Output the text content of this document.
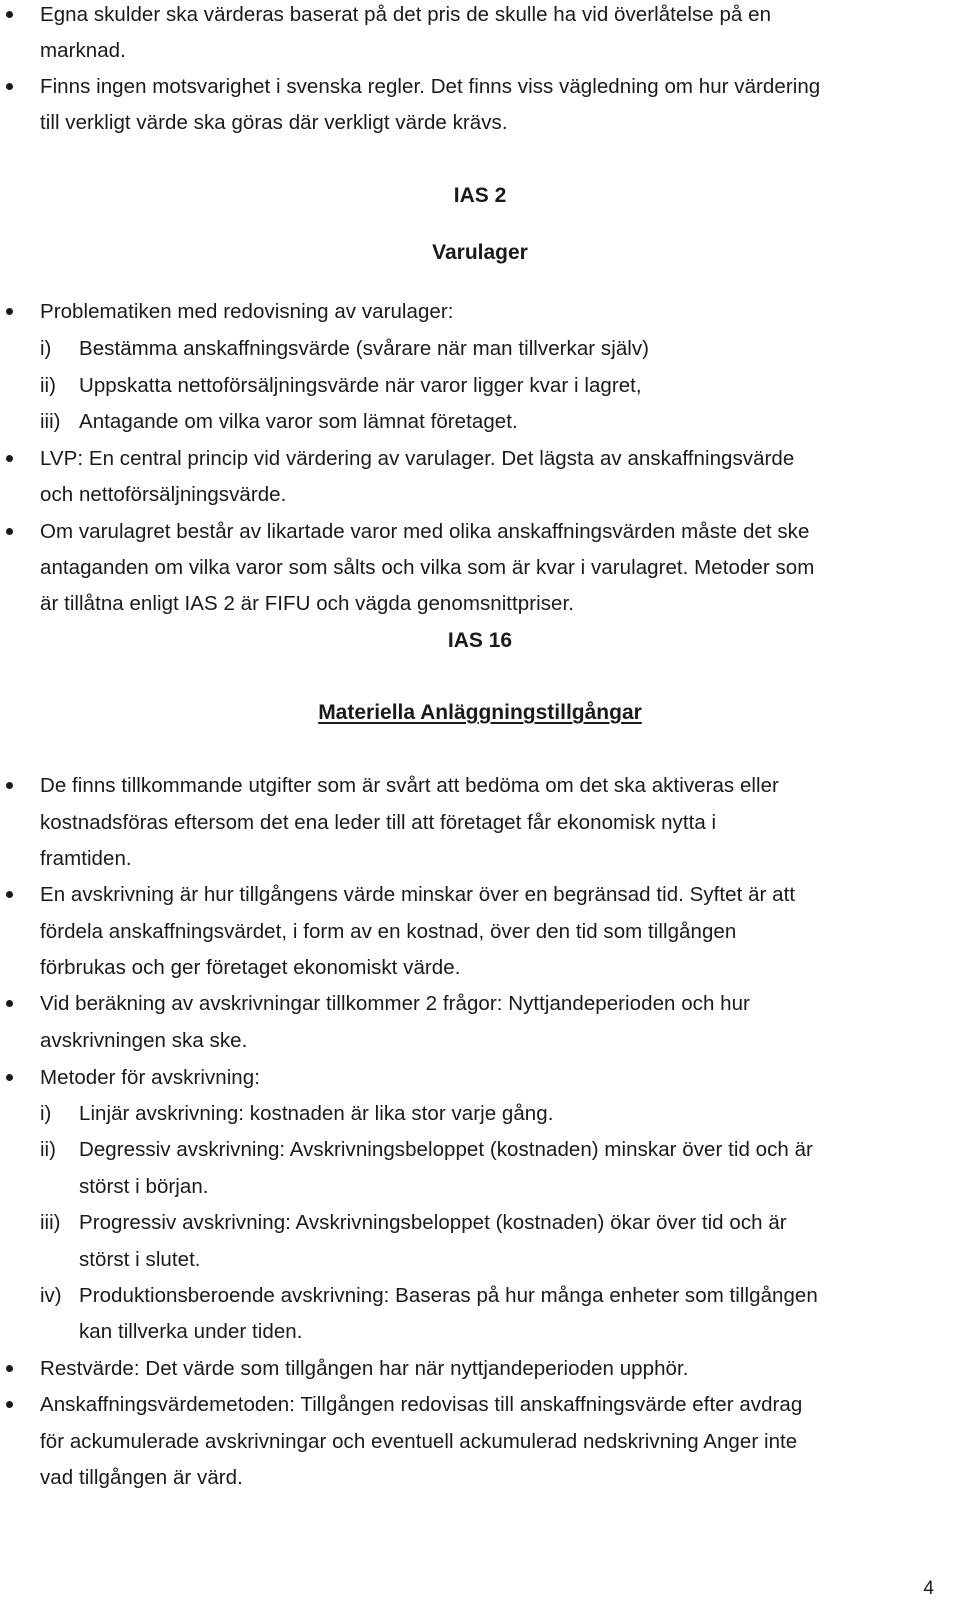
Egna skulder ska värderas baserat på det pris de skulle ha vid överlåtelse på en
marknad.
Finns ingen motsvarighet i svenska regler. Det finns viss vägledning om hur värdering
till verkligt värde ska göras där verkligt värde krävs.
IAS 2
Varulager
Problematiken med redovisning av varulager:
i) Bestämma anskaffningsvärde (svårare när man tillverkar själv)
ii) Uppskatta nettoförsäljningsvärde när varor ligger kvar i lagret,
iii) Antagande om vilka varor som lämnat företaget.
LVP: En central princip vid värdering av varulager. Det lägsta av anskaffningsvärde
och nettoförsäljningsvärde.
Om varulagret består av likartade varor med olika anskaffningsvärden måste det ske
antaganden om vilka varor som sålts och vilka som är kvar i varulagret. Metoder som
är tillåtna enligt IAS 2 är FIFU och vägda genomsnittpriser.
IAS 16
Materiella Anläggningstillgångar
De finns tillkommande utgifter som är svårt att bedöma om det ska aktiveras eller
kostnadsföras eftersom det ena leder till att företaget får ekonomisk nytta i
framtiden.
En avskrivning är hur tillgångens värde minskar över en begränsad tid. Syftet är att
fördela anskaffningsvärdet, i form av en kostnad, över den tid som tillgången
förbrukas och ger företaget ekonomiskt värde.
Vid beräkning av avskrivningar tillkommer 2 frågor: Nyttjandeperioden och hur
avskrivningen ska ske.
Metoder för avskrivning:
i) Linjär avskrivning: kostnaden är lika stor varje gång.
ii) Degressiv avskrivning: Avskrivningsbeloppet (kostnaden) minskar över tid och är
störst i början.
iii) Progressiv avskrivning: Avskrivningsbeloppet (kostnaden) ökar över tid och är
störst i slutet.
iv) Produktionsberoende avskrivning: Baseras på hur många enheter som tillgången
kan tillverka under tiden.
Restvärde: Det värde som tillgången har när nyttjandeperioden upphör.
Anskaffningsvärdemetoden: Tillgången redovisas till anskaffningsvärde efter avdrag
för ackumulerade avskrivningar och eventuell ackumulerad nedskrivning Anger inte
vad tillgången är värd.
4
